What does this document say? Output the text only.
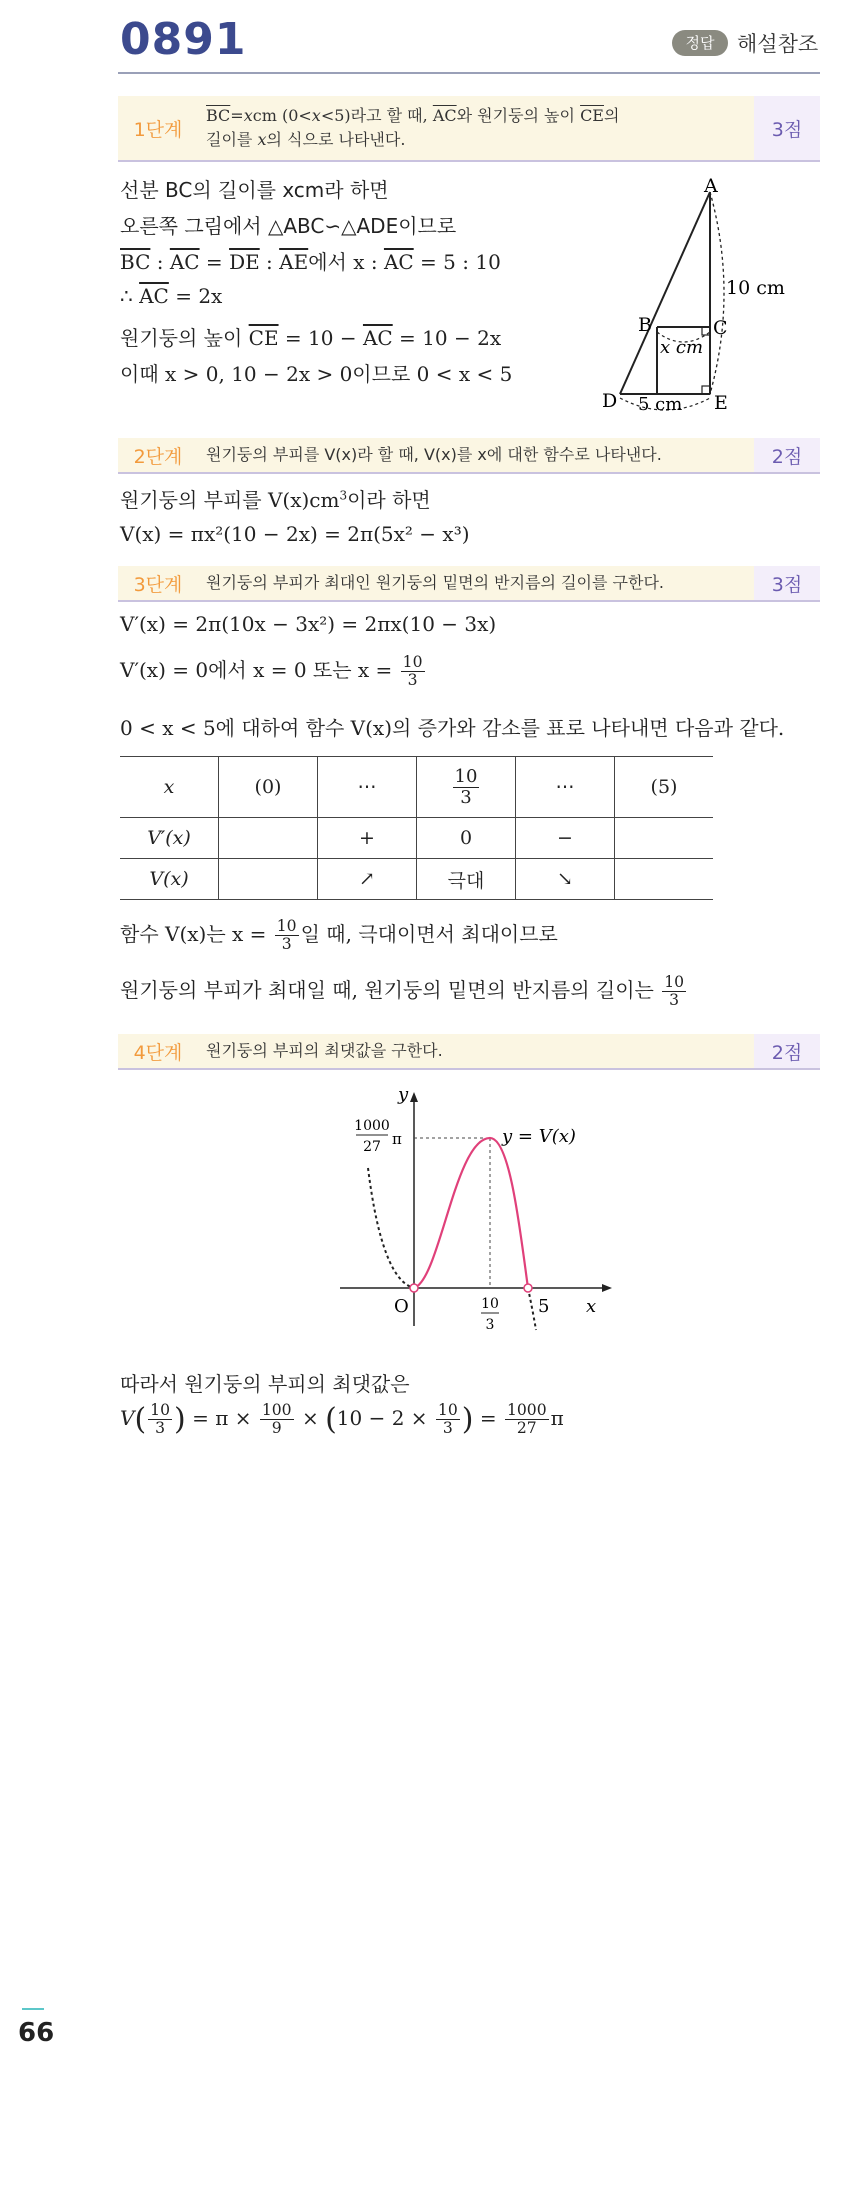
0891	정답	해설참조
1단계
$\overline{BC}=xcm$ (0<x<5)라고 할 때, $\overline{AC}$와 원기둥의 높이 $\overline{CE}$의
길이를 x의 식으로 나타낸다.	3점
선분 BC의 길이를 xcm라 하면
오른쪽 그림에서 △ABC∽△ADE이므로
$\overline{BC}$ : $\overline{AC} = \overline{DE}$ : $\overline{AE}$에서 x : $\overline{AC} = 5$ : 10
∴ $\overline{AC} = 2x$
원기둥의 높이 $\overline{CE} = 10 - \overline{AC} = 10 - 2x$
이때 x > 0, 10 − 2x > 0이므로 0 < x < 5
A
B	C
D	E
10 cm
x cm
5 cm
2단계	원기둥의 부피를 V(x)라 할 때, V(x)를 x에 대한 함수로 나타낸다.	2점
원기둥의 부피를 $V(x)cm^3$이라 하면
V(x) = πx²(10 − 2x) = 2π(5x² − x³)
3단계	원기둥의 부피가 최대인 원기둥의 밑면의 반지름의 길이를 구한다.	3점
V′(x) = 2π(10x − 3x²) = 2πx(10 − 3x)
V′(x) = 0에서 x = 0 또는 $x = \frac{10}{3}$
0 < x < 5에 대하여 함수 V(x)의 증가와 감소를 표로 나타내면 다음과 같다.
x	(0)	⋯	$\frac{10}{3}$	⋯	(5)
V′(x)		+	0	−	
V(x)		↗	극대	↘	
함수 V(x)는 $x = \frac{10}{3}$ 일 때, 극대이면서 최대이므로
원기둥의 부피가 최대일 때, 원기둥의 밑면의 반지름의 길이는 $\frac{10}{3}$
4단계	원기둥의 부피의 최댓값을 구한다.	2점
y
x
O
1000
27 π
10
3
5
y = V(x)
따라서 원기둥의 부피의 최댓값은
$V( \frac{10}{3}$ ) = $\pi \times \frac{100}{9} \times (10 - 2 \times \frac{10}{3}$ ) = $\frac{1000}{27}$ π
66
